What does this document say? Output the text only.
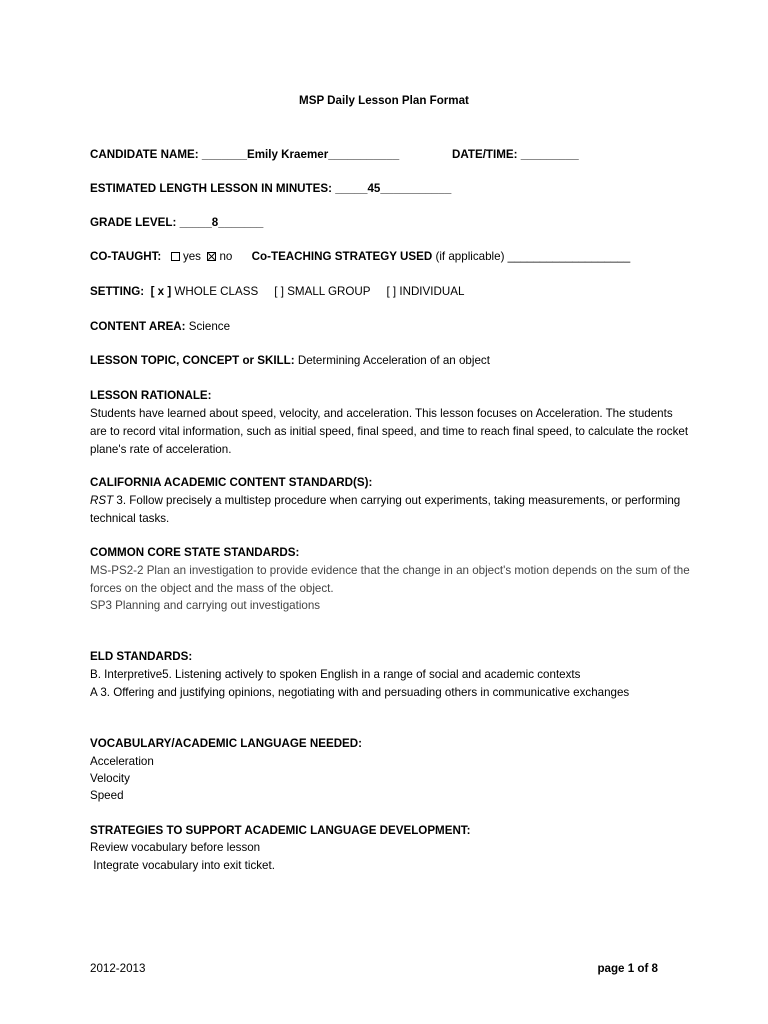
MSP Daily Lesson Plan Format
CANDIDATE NAME: _______Emily Kraemer___________	DATE/TIME: _________
ESTIMATED LENGTH LESSON IN MINUTES: _____45___________
GRADE LEVEL: _____8_______
CO-TAUGHT: yes no Co-TEACHING STRATEGY USED (if applicable) ___________________
SETTING: [ x ] WHOLE CLASS [ ] SMALL GROUP [ ] INDIVIDUAL
CONTENT AREA: Science
LESSON TOPIC, CONCEPT or SKILL: Determining Acceleration of an object
LESSON RATIONALE:
Students have learned about speed, velocity, and acceleration. This lesson focuses on Acceleration. The students are to record vital information, such as initial speed, final speed, and time to reach final speed, to calculate the rocket plane's rate of acceleration.
CALIFORNIA ACADEMIC CONTENT STANDARD(S):
RST 3. Follow precisely a multistep procedure when carrying out experiments, taking measurements, or performing technical tasks.
COMMON CORE STATE STANDARDS:
MS-PS2-2 Plan an investigation to provide evidence that the change in an object's motion depends on the sum of the forces on the object and the mass of the object.
SP3 Planning and carrying out investigations
ELD STANDARDS:
B. Interpretive5. Listening actively to spoken English in a range of social and academic contexts
A 3. Offering and justifying opinions, negotiating with and persuading others in communicative exchanges
VOCABULARY/ACADEMIC LANGUAGE NEEDED:
Acceleration
Velocity
Speed
STRATEGIES TO SUPPORT ACADEMIC LANGUAGE DEVELOPMENT:
Review vocabulary before lesson
Integrate vocabulary into exit ticket.
2012-2013	page 1 of 8
